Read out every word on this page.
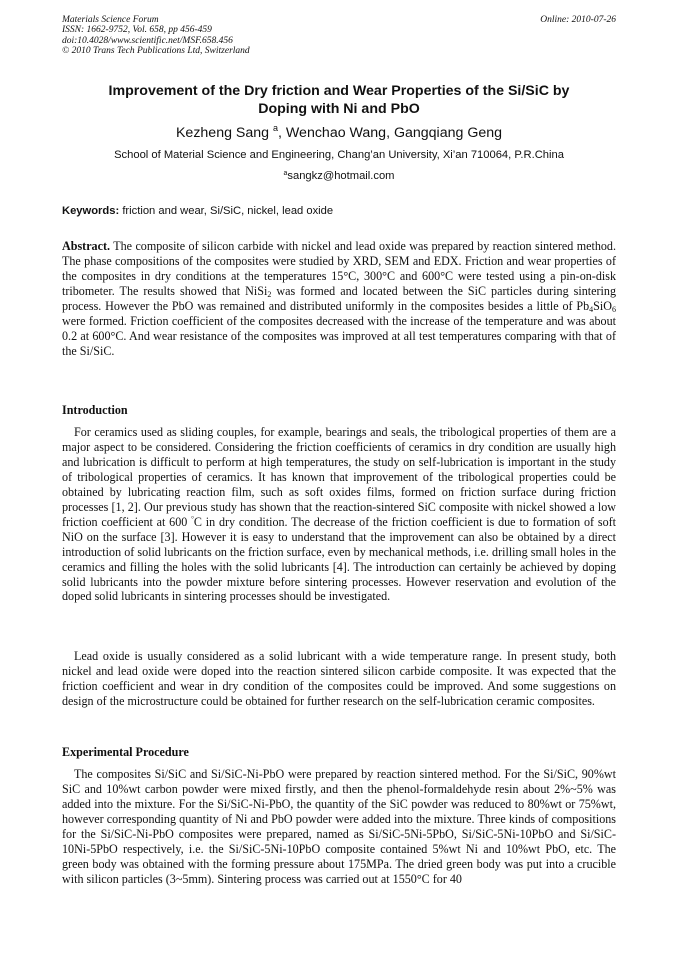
Materials Science Forum
ISSN: 1662-9752, Vol. 658, pp 456-459
doi:10.4028/www.scientific.net/MSF.658.456
© 2010 Trans Tech Publications Ltd, Switzerland
Online: 2010-07-26
Improvement of the Dry friction and Wear Properties of the Si/SiC by
Doping with Ni and PbO
Kezheng Sang $^a$, Wenchao Wang, Gangqiang Geng
School of Material Science and Engineering, Chang’an University, Xi’an 710064, P.R.China
$^a$sangkz@hotmail.com
Keywords: friction and wear, Si/SiC, nickel, lead oxide

Abstract. The composite of silicon carbide with nickel and lead oxide was prepared by reaction sintered method. The phase compositions of the composites were studied by XRD, SEM and EDX. Friction and wear properties of the composites in dry conditions at the temperatures 15°C, 300°C and 600°C were tested using a pin-on-disk tribometer. The results showed that NiSi$_2$ was formed and located between the SiC particles during sintering process. However the PbO was remained and distributed uniformly in the composites besides a little of $Pb_4SiO_6$ were formed. Friction coefficient of the composites decreased with the increase of the temperature and was about 0.2 at 600°C. And wear resistance of the composites was improved at all test temperatures comparing with that of the Si/SiC.

Introduction

For ceramics used as sliding couples, for example, bearings and seals, the tribological properties of them are a major aspect to be considered. Considering the friction coefficients of ceramics in dry condition are usually high and lubrication is difficult to perform at high temperatures, the study on self-lubrication is important in the study of tribological properties of ceramics. It has known that improvement of the tribological properties could be obtained by lubricating reaction film, such as soft oxides films, formed on friction surface during friction processes [1, 2]. Our previous study has shown that the reaction-sintered SiC composite with nickel showed a low friction coefficient at 600 °C in dry condition. The decrease of the friction coefficient is due to formation of soft NiO on the surface [3]. However it is easy to understand that the improvement can also be obtained by a direct introduction of solid lubricants on the friction surface, even by mechanical methods, i.e. drilling small holes in the ceramics and filling the holes with the solid lubricants [4]. The introduction can certainly be achieved by doping solid lubricants into the powder mixture before sintering processes. However reservation and evolution of the doped solid lubricants in sintering processes should be investigated.

Lead oxide is usually considered as a solid lubricant with a wide temperature range. In present study, both nickel and lead oxide were doped into the reaction sintered silicon carbide composite. It was expected that the friction coefficient and wear in dry condition of the composites could be improved. And some suggestions on design of the microstructure could be obtained for further research on the self-lubrication ceramic composites.

Experimental Procedure

The composites Si/SiC and Si/SiC-Ni-PbO were prepared by reaction sintered method. For the Si/SiC, 90%wt SiC and 10%wt carbon powder were mixed firstly, and then the phenol-formaldehyde resin about 2%~5% was added into the mixture. For the Si/SiC-Ni-PbO, the quantity of the SiC powder was reduced to 80%wt or 75%wt, however corresponding quantity of Ni and PbO powder were added into the mixture. Three kinds of compositions for the Si/SiC-Ni-PbO composites were prepared, named as Si/SiC-5Ni-5PbO, Si/SiC-5Ni-10PbO and Si/SiC-10Ni-5PbO respectively, i.e. the Si/SiC-5Ni-10PbO composite contained 5%wt Ni and 10%wt PbO, etc. The green body was obtained with the forming pressure about 175MPa. The dried green body was put into a crucible with silicon particles (3~5mm). Sintering process was carried out at 1550°C for 40
